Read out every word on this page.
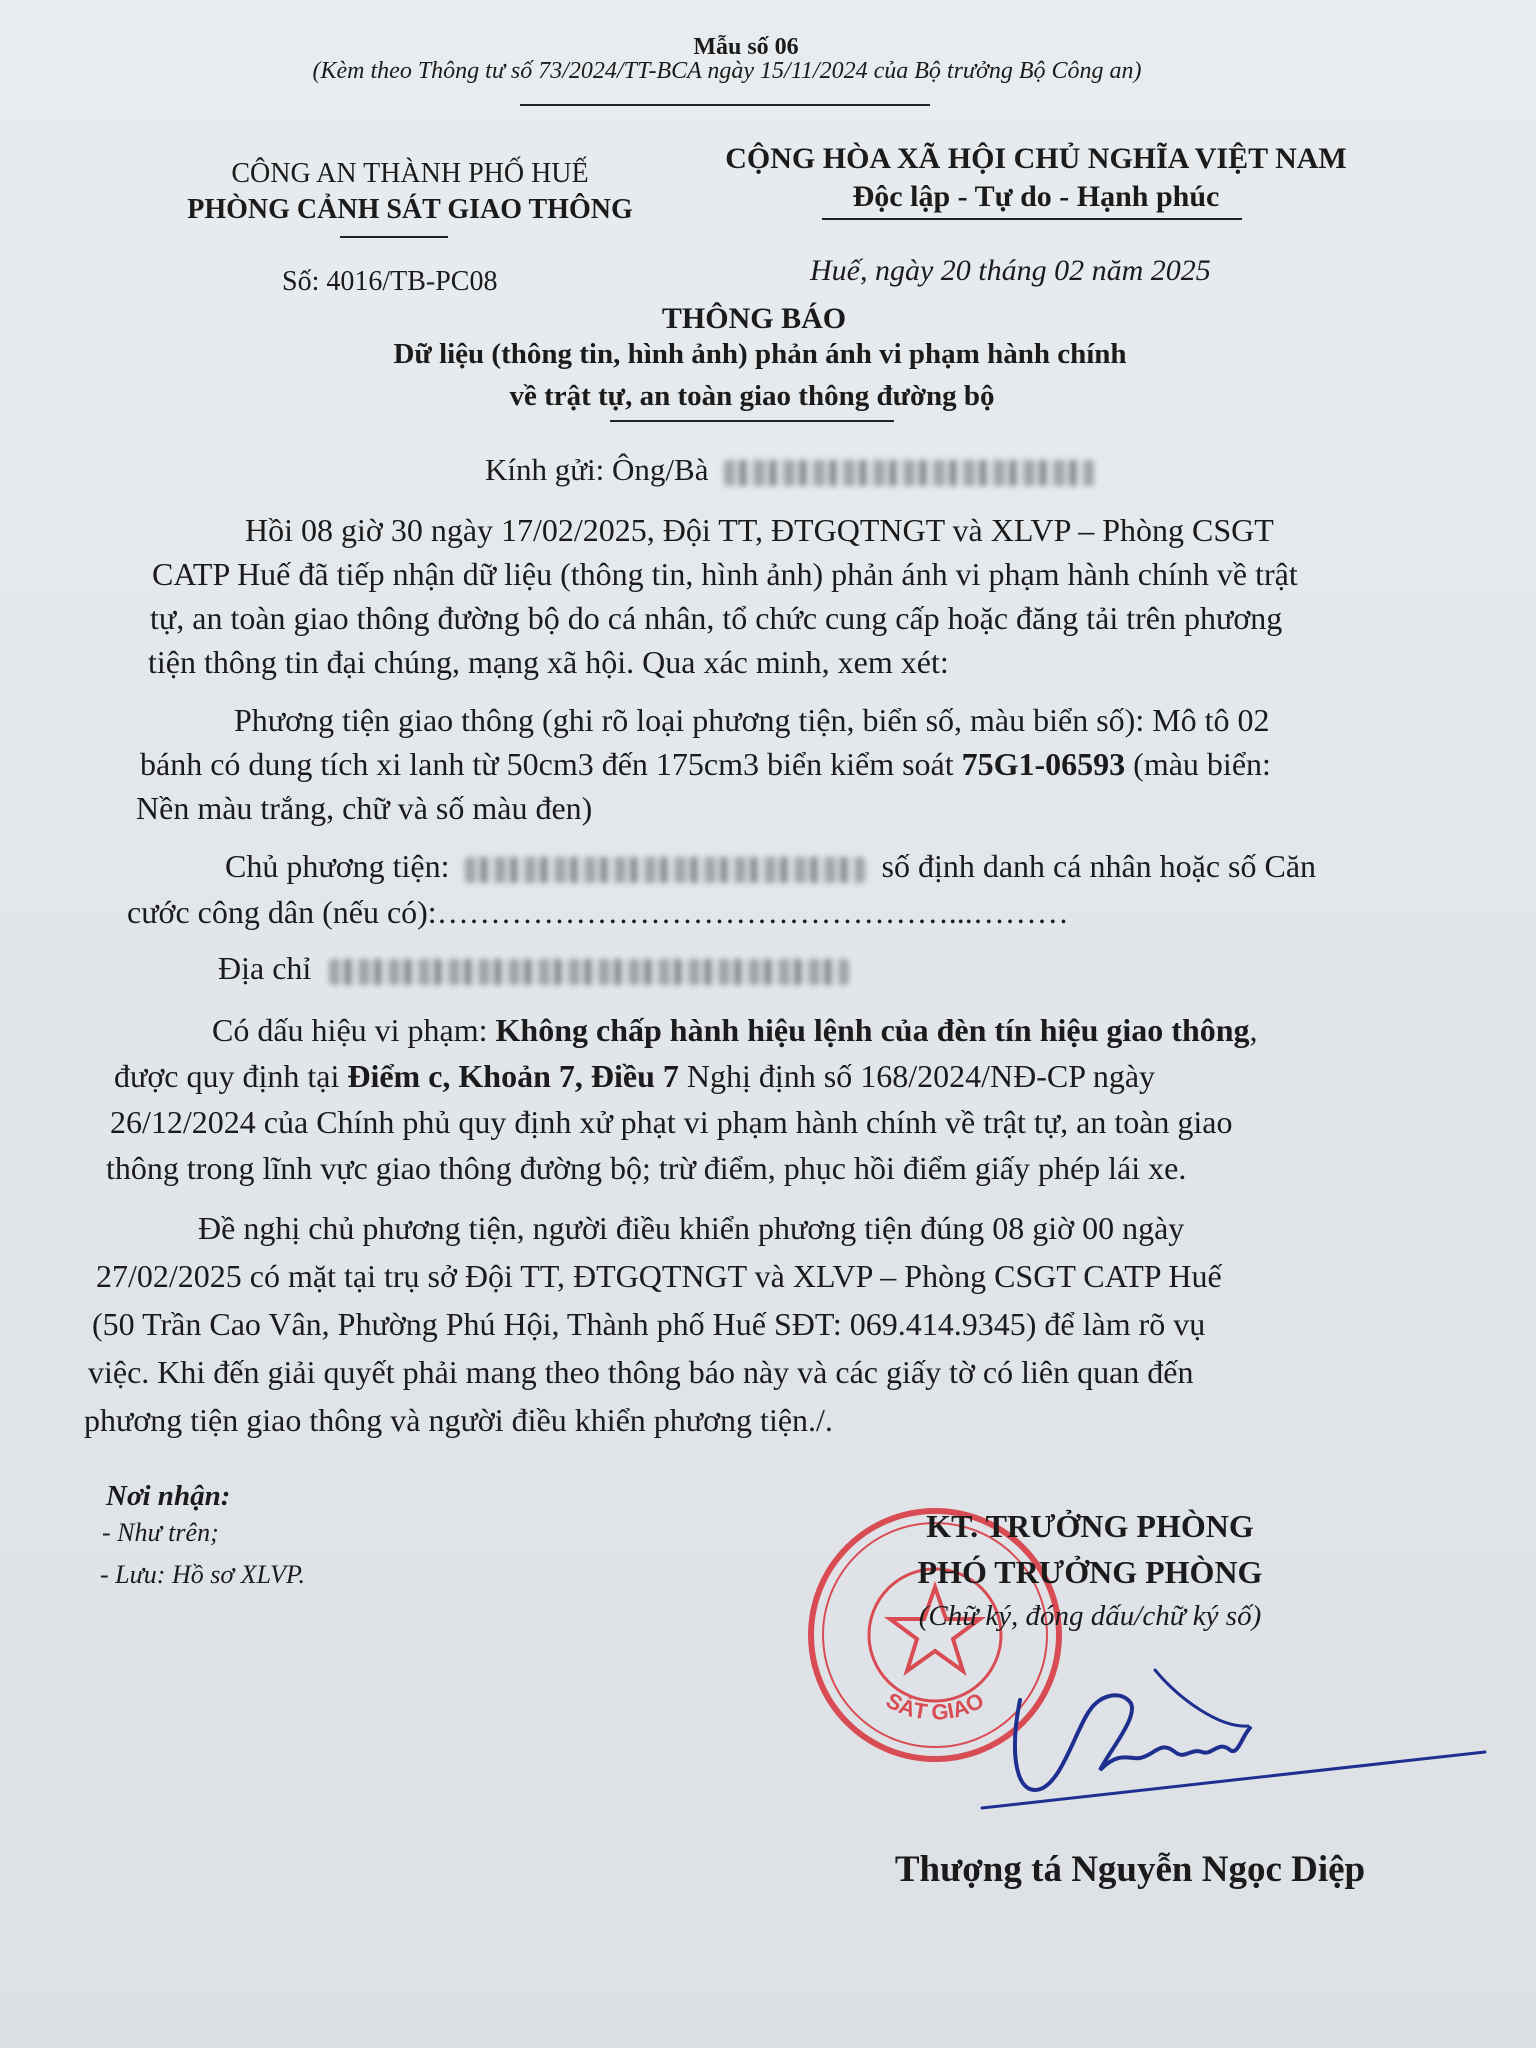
Mẫu số 06
(Kèm theo Thông tư số 73/2024/TT-BCA ngày 15/11/2024 của Bộ trưởng Bộ Công an)
CÔNG AN THÀNH PHỐ HUẾ
PHÒNG CẢNH SÁT GIAO THÔNG
Số: 4016/TB-PC08
CỘNG HÒA XÃ HỘI CHỦ NGHĨA VIỆT NAM
Độc lập - Tự do - Hạnh phúc
Huế, ngày 20 tháng 02 năm 2025
THÔNG BÁO
Dữ liệu (thông tin, hình ảnh) phản ánh vi phạm hành chính
về trật tự, an toàn giao thông đường bộ
Kính gửi: Ông/Bà
Hồi 08 giờ 30 ngày 17/02/2025, Đội TT, ĐTGQTNGT và XLVP – Phòng CSGT
CATP Huế đã tiếp nhận dữ liệu (thông tin, hình ảnh) phản ánh vi phạm hành chính về trật
tự, an toàn giao thông đường bộ do cá nhân, tổ chức cung cấp hoặc đăng tải trên phương
tiện thông tin đại chúng, mạng xã hội. Qua xác minh, xem xét:
Phương tiện giao thông (ghi rõ loại phương tiện, biển số, màu biển số): Mô tô 02
bánh có dung tích xi lanh từ 50cm3 đến 175cm3 biển kiểm soát 75G1-06593 (màu biển:
Nền màu trắng, chữ và số màu đen)
Chủ phương tiện:	số định danh cá nhân hoặc số Căn
cước công dân (nếu có):…………………………………………...………
Địa chỉ
Có dấu hiệu vi phạm: Không chấp hành hiệu lệnh của đèn tín hiệu giao thông,
được quy định tại Điểm c, Khoản 7, Điều 7 Nghị định số 168/2024/NĐ-CP ngày
26/12/2024 của Chính phủ quy định xử phạt vi phạm hành chính về trật tự, an toàn giao
thông trong lĩnh vực giao thông đường bộ; trừ điểm, phục hồi điểm giấy phép lái xe.
Đề nghị chủ phương tiện, người điều khiển phương tiện đúng 08 giờ 00 ngày
27/02/2025 có mặt tại trụ sở Đội TT, ĐTGQTNGT và XLVP – Phòng CSGT CATP Huế
(50 Trần Cao Vân, Phường Phú Hội, Thành phố Huế SĐT: 069.414.9345) để làm rõ vụ
việc. Khi đến giải quyết phải mang theo thông báo này và các giấy tờ có liên quan đến
phương tiện giao thông và người điều khiển phương tiện./.
Nơi nhận:
- Như trên;
- Lưu: Hồ sơ XLVP.
SÁT GIAO
KT. TRƯỞNG PHÒNG
PHÓ TRƯỞNG PHÒNG
(Chữ ký, đóng dấu/chữ ký số)
Thượng tá Nguyễn Ngọc Diệp
